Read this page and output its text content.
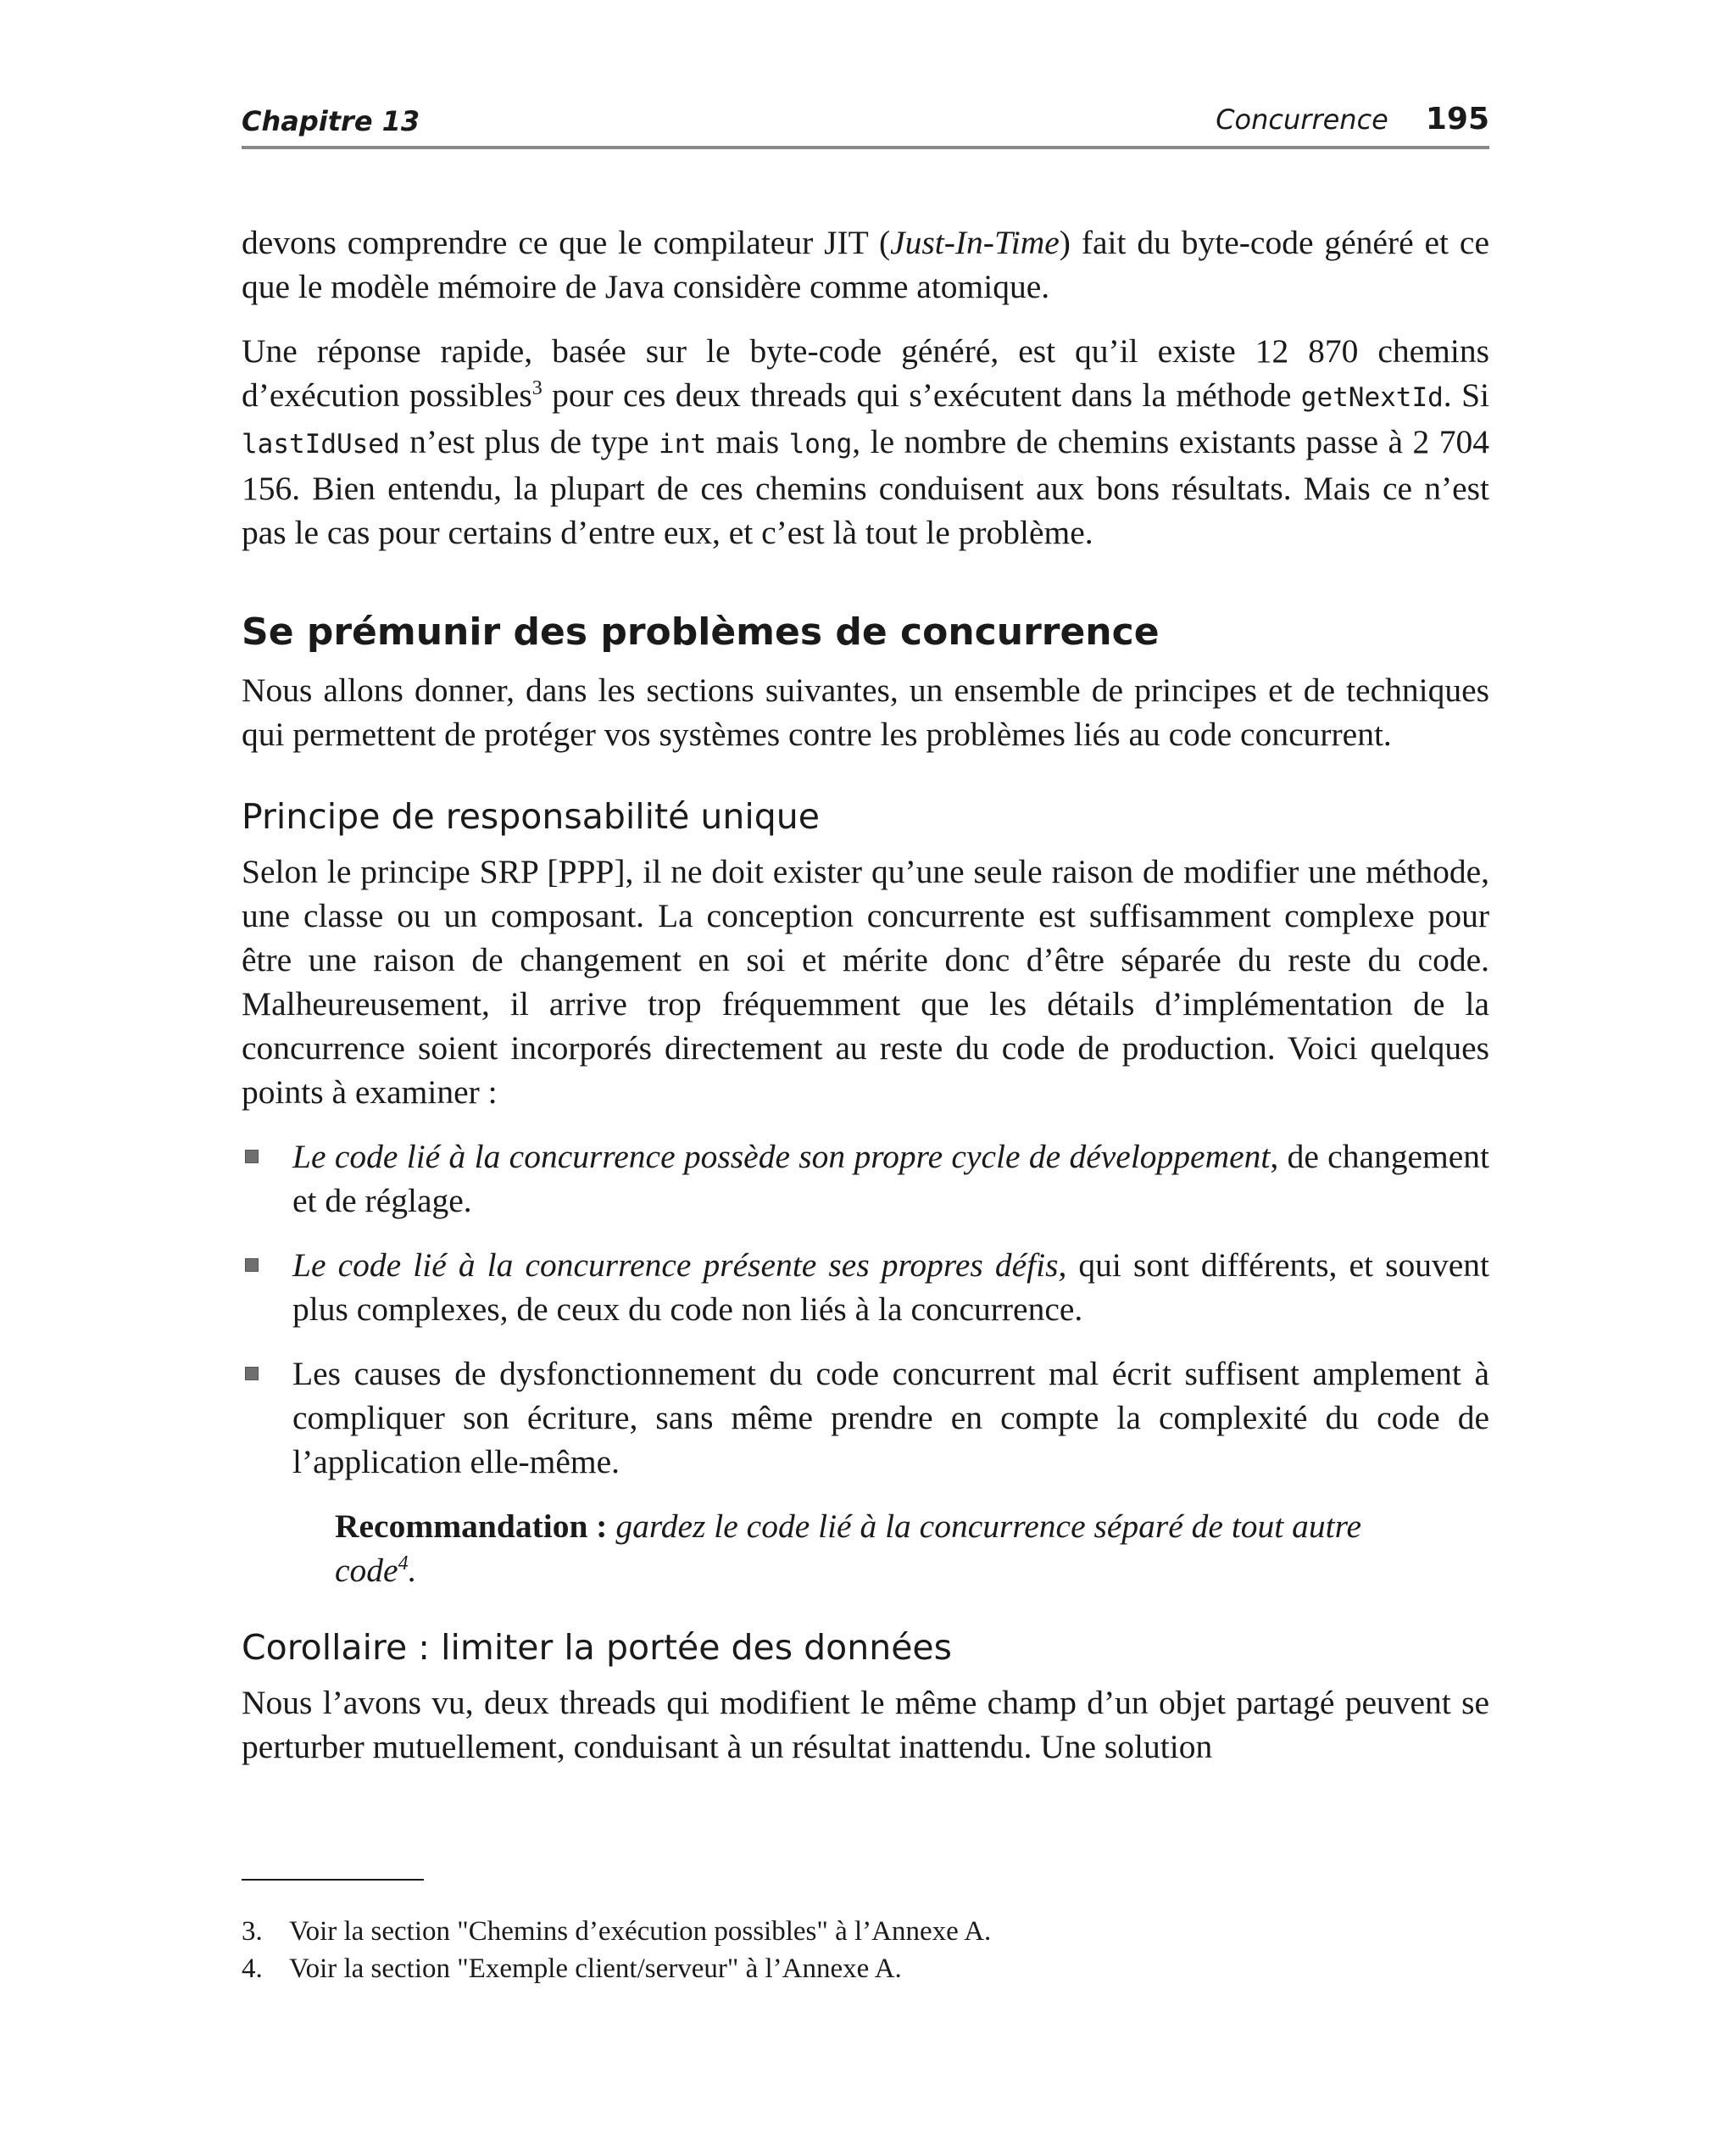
Chapitre 13	Concurrence 195

devons comprendre ce que le compilateur JIT (Just-In-Time) fait du byte-code généré et ce que le modèle mémoire de Java considère comme atomique.

Une réponse rapide, basée sur le byte-code généré, est qu’il existe 12 870 chemins d’exécution possibles$^3$ pour ces deux threads qui s’exécutent dans la méthode getNextId. Si lastIdUsed n’est plus de type int mais long, le nombre de chemins existants passe à 2 704 156. Bien entendu, la plupart de ces chemins conduisent aux bons résultats. Mais ce n’est pas le cas pour certains d’entre eux, et c’est là tout le problème.

Se prémunir des problèmes de concurrence

Nous allons donner, dans les sections suivantes, un ensemble de principes et de techniques qui permettent de protéger vos systèmes contre les problèmes liés au code concurrent.

Principe de responsabilité unique

Selon le principe SRP [PPP], il ne doit exister qu’une seule raison de modifier une méthode, une classe ou un composant. La conception concurrente est suffisamment complexe pour être une raison de changement en soi et mérite donc d’être séparée du reste du code. Malheureusement, il arrive trop fréquemment que les détails d’implémentation de la concurrence soient incorporés directement au reste du code de production. Voici quelques points à examiner :

Le code lié à la concurrence possède son propre cycle de développement, de changement et de réglage.
Le code lié à la concurrence présente ses propres défis, qui sont différents, et souvent plus complexes, de ceux du code non liés à la concurrence.
Les causes de dysfonctionnement du code concurrent mal écrit suffisent amplement à compliquer son écriture, sans même prendre en compte la complexité du code de l’application elle-même.

Recommandation : gardez le code lié à la concurrence séparé de tout autre code$^4$.

Corollaire : limiter la portée des données

Nous l’avons vu, deux threads qui modifient le même champ d’un objet partagé peuvent se perturber mutuellement, conduisant à un résultat inattendu. Une solution

3. Voir la section "Chemins d’exécution possibles" à l’Annexe A.
4. Voir la section "Exemple client/serveur" à l’Annexe A.
